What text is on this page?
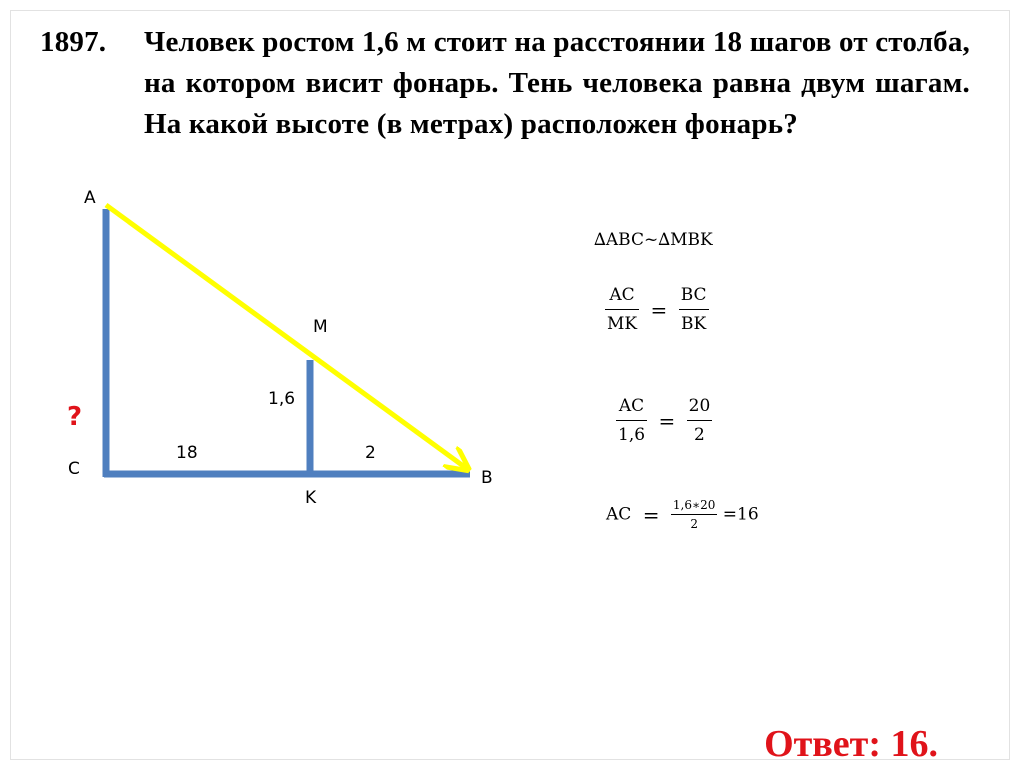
1897. Человек ростом 1,6 м стоит на расстоянии 18 шагов от столба, на котором висит фонарь. Тень человека равна двум шагам. На какой высоте (в метрах) расположен фонарь?
A
C	B
M
K
1,6
18	2
?
∆ABC~∆MBK
$\frac{AC}{MK} = \frac{BC}{BK}$
$\frac{AC}{1,6} = \frac{20}{2}$
AC = $\frac{1,6∗20}{2} =16$
Ответ: 16.
